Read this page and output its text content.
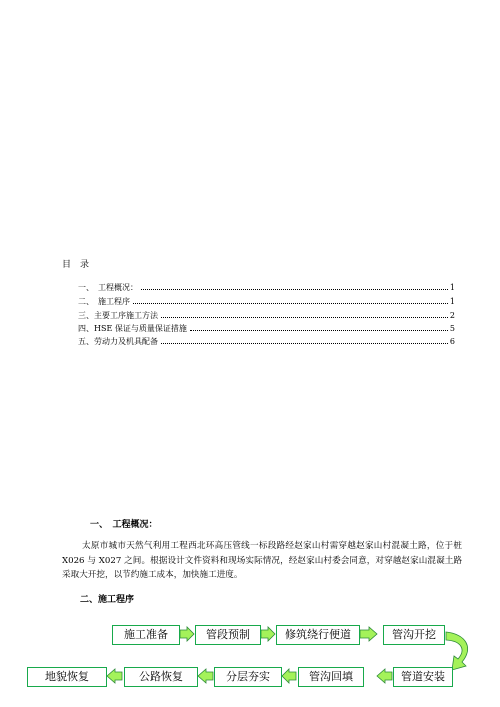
目　录
一、　工程概况：	1
二、　施工程序	1
三、主要工序施工方法	2
四、HSE 保证与质量保证措施	5
五、劳动力及机具配备	6
一、　工程概况：
太原市城市天然气利用工程西北环高压管线一标段路经赵家山村需穿越赵家山村混凝土路，位于桩 X026 与 X027 之间。根据设计文件资料和现场实际情况，经赵家山村委会同意，对穿越赵家山混凝土路采取大开挖，以节约施工成本，加快施工进度。
二、施工程序
施工准备	管段预制	修筑绕行便道	管沟开挖
地貌恢复	公路恢复	分层夯实	管沟回填	管道安装
